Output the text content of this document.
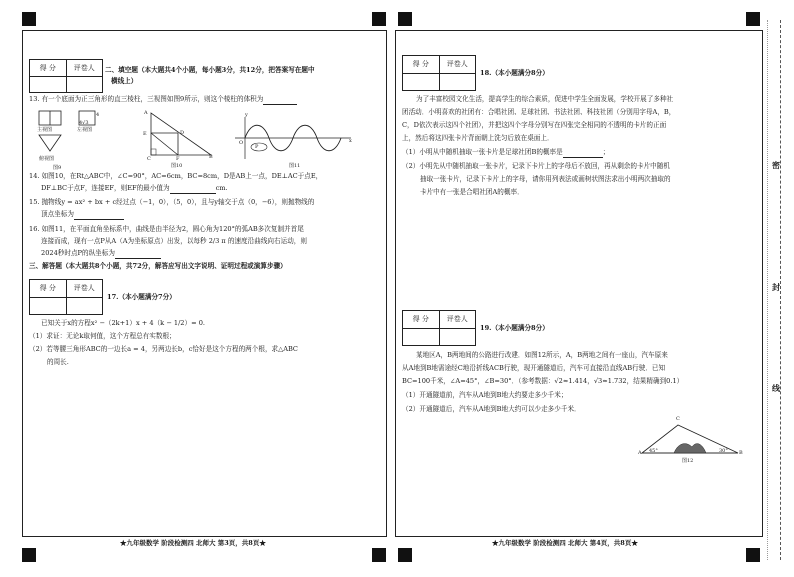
得 分	评卷人	二、填空题（本大题共4个小题，每小题3分，共12分，把答案写在题中
横线上）
13. 有一个底面为正三角形的直三棱柱，三视图如图9所示，则这个棱柱的体积为
主视图	左视图
4
4√3
俯视图
图9
A
E	D
C	F	B
图10
y
x
O
P
图11
14. 如图10，在Rt△ABC中，∠C=90°，AC=6cm，BC=8cm，D是AB上一点，DE⊥AC于点E，
DF⊥BC于点F，连接EF，则EF的最小值为	cm.
15. 抛物线y = ax² + bx + c经过点（−1，0），（5，0），且与y轴交于点（0，−6），则抛物线的
顶点坐标为
16. 如图11，在平面直角坐标系中，曲线是由半径为2，圆心角为120°的弧AB多次复制并首尾
连接而成，现有一点P从A（A为坐标原点）出发，以每秒 2/3 π 的速度沿曲线向右运动，则
2024秒时点P的纵坐标为
三、解答题（本大题共8个小题，共72分，解答应写出文字说明、证明过程或演算步骤）
得 分	评卷人
17.（本小题满分7分）
已知关于x的方程x² −（2k+1）x + 4（k − 1/2）= 0.
（1）求证：无论k取何值，这个方程总有实数根；
（2）若等腰三角形ABC的一边长a = 4，另两边长b，c恰好是这个方程的两个根，求△ABC
的周长.
★九年级数学 阶段检测四 北师大 第3页，共8页★
得 分	评卷人
18.（本小题满分8分）
为了丰富校园文化生活，提高学生的综合素质，促进中学生全面发展，学校开展了多种社
团活动．小明喜欢的社团有：合唱社团、足球社团、书法社团、科技社团（分别用字母A，B，
C，D依次表示这四个社团），并把这四个字母分别写在四张完全相同的不透明的卡片的正面
上，然后将这四张卡片背面朝上洗匀后放在桌面上．
（1）小明从中随机抽取一张卡片是足球社团B的概率是	；
（2）小明先从中随机抽取一张卡片，记录下卡片上的字母后不放回，再从剩余的卡片中随机
抽取一张卡片，记录下卡片上的字母，请你用列表法或画树状图法求出小明两次抽取的
卡片中有一张是合唱社团A的概率．
得 分	评卷人
19.（本小题满分8分）
某地区A，B两地间的公路进行改建．如图12所示，A，B两地之间有一座山，汽车原来
从A地到B地需途经C地沿折线ACB行驶，现开通隧道后，汽车可直接沿直线AB行驶．已知
BC=100千米，∠A=45°，∠B=30°．（参考数据：√2≈1.414，√3≈1.732，结果精确到0.1）
（1）开通隧道前，汽车从A地到B地大约要走多少千米；
（2）开通隧道后，汽车从A地到B地大约可以少走多少千米．
A 45°
C
30° B
图12
★九年级数学 阶段检测四 北师大 第4页，共8页★
密
封
线
